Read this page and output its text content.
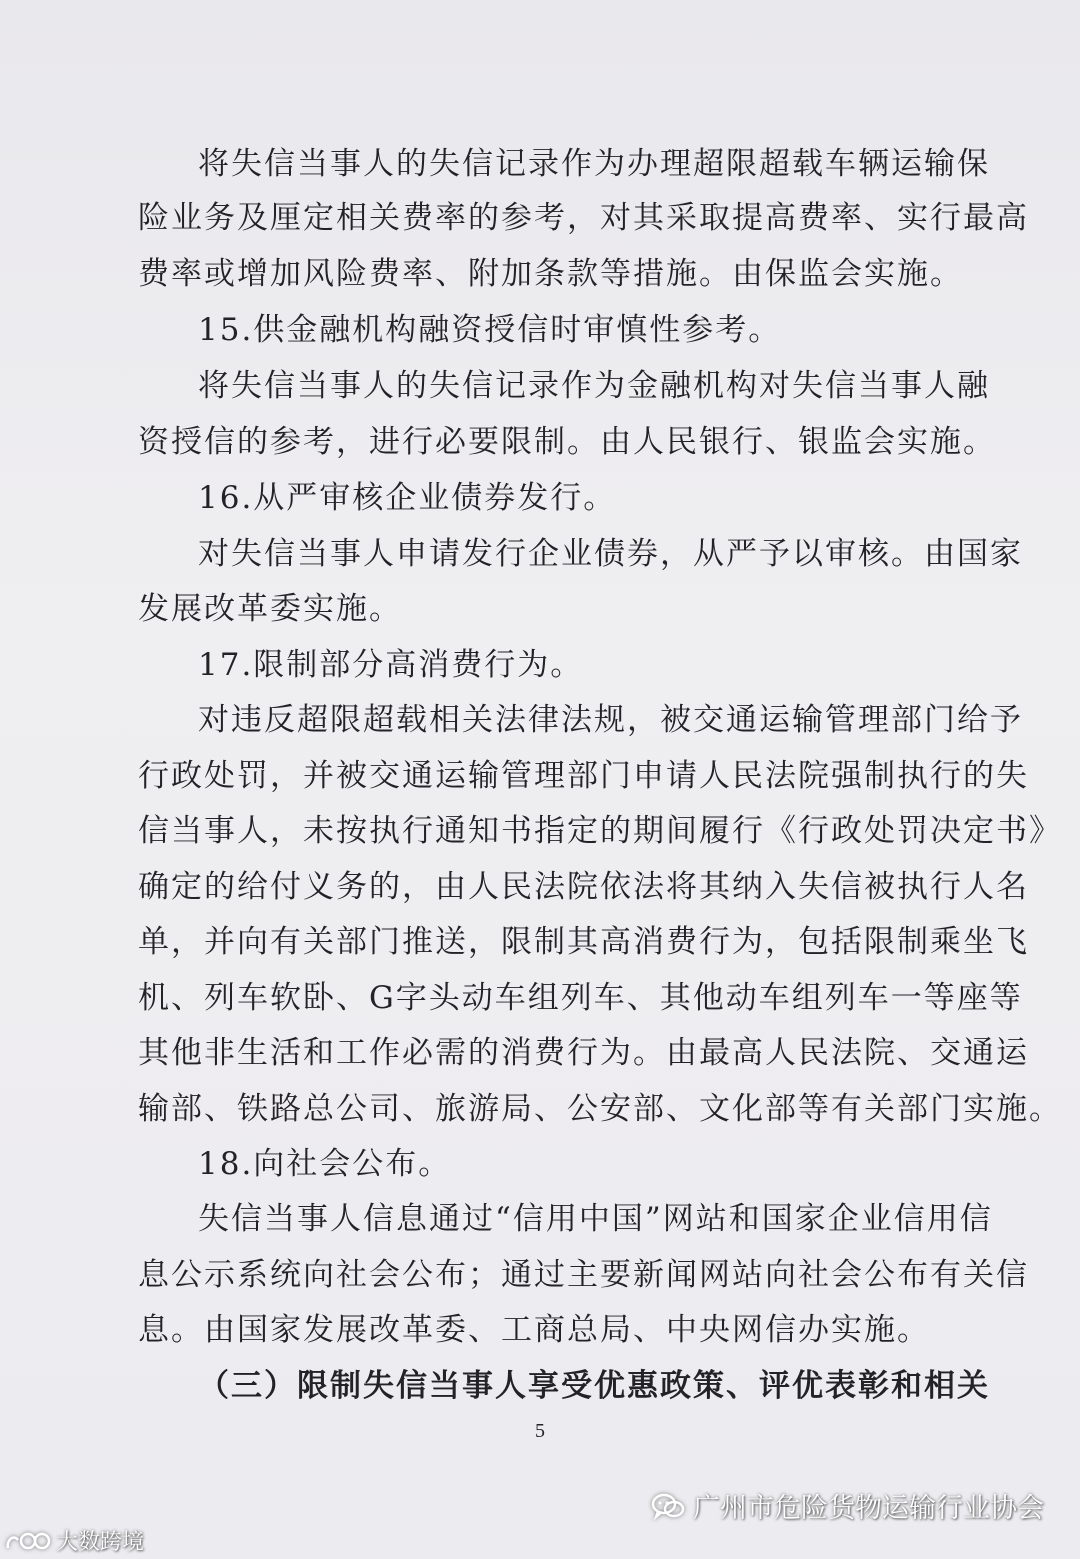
将失信当事人的失信记录作为办理超限超载车辆运输保
险业务及厘定相关费率的参考，对其采取提高费率、实行最高
费率或增加风险费率、附加条款等措施。由保监会实施。
15.供金融机构融资授信时审慎性参考。
将失信当事人的失信记录作为金融机构对失信当事人融
资授信的参考，进行必要限制。由人民银行、银监会实施。
16.从严审核企业债券发行。
对失信当事人申请发行企业债券，从严予以审核。由国家
发展改革委实施。
17.限制部分高消费行为。
对违反超限超载相关法律法规，被交通运输管理部门给予
行政处罚，并被交通运输管理部门申请人民法院强制执行的失
信当事人，未按执行通知书指定的期间履行《行政处罚决定书》
确定的给付义务的，由人民法院依法将其纳入失信被执行人名
单，并向有关部门推送，限制其高消费行为，包括限制乘坐飞
机、列车软卧、G字头动车组列车、其他动车组列车一等座等
其他非生活和工作必需的消费行为。由最高人民法院、交通运
输部、铁路总公司、旅游局、公安部、文化部等有关部门实施。
18.向社会公布。
失信当事人信息通过“信用中国”网站和国家企业信用信
息公示系统向社会公布；通过主要新闻网站向社会公布有关信
息。由国家发展改革委、工商总局、中央网信办实施。
（三）限制失信当事人享受优惠政策、评优表彰和相关
5
广州市危险货物运输行业协会
大数跨境
